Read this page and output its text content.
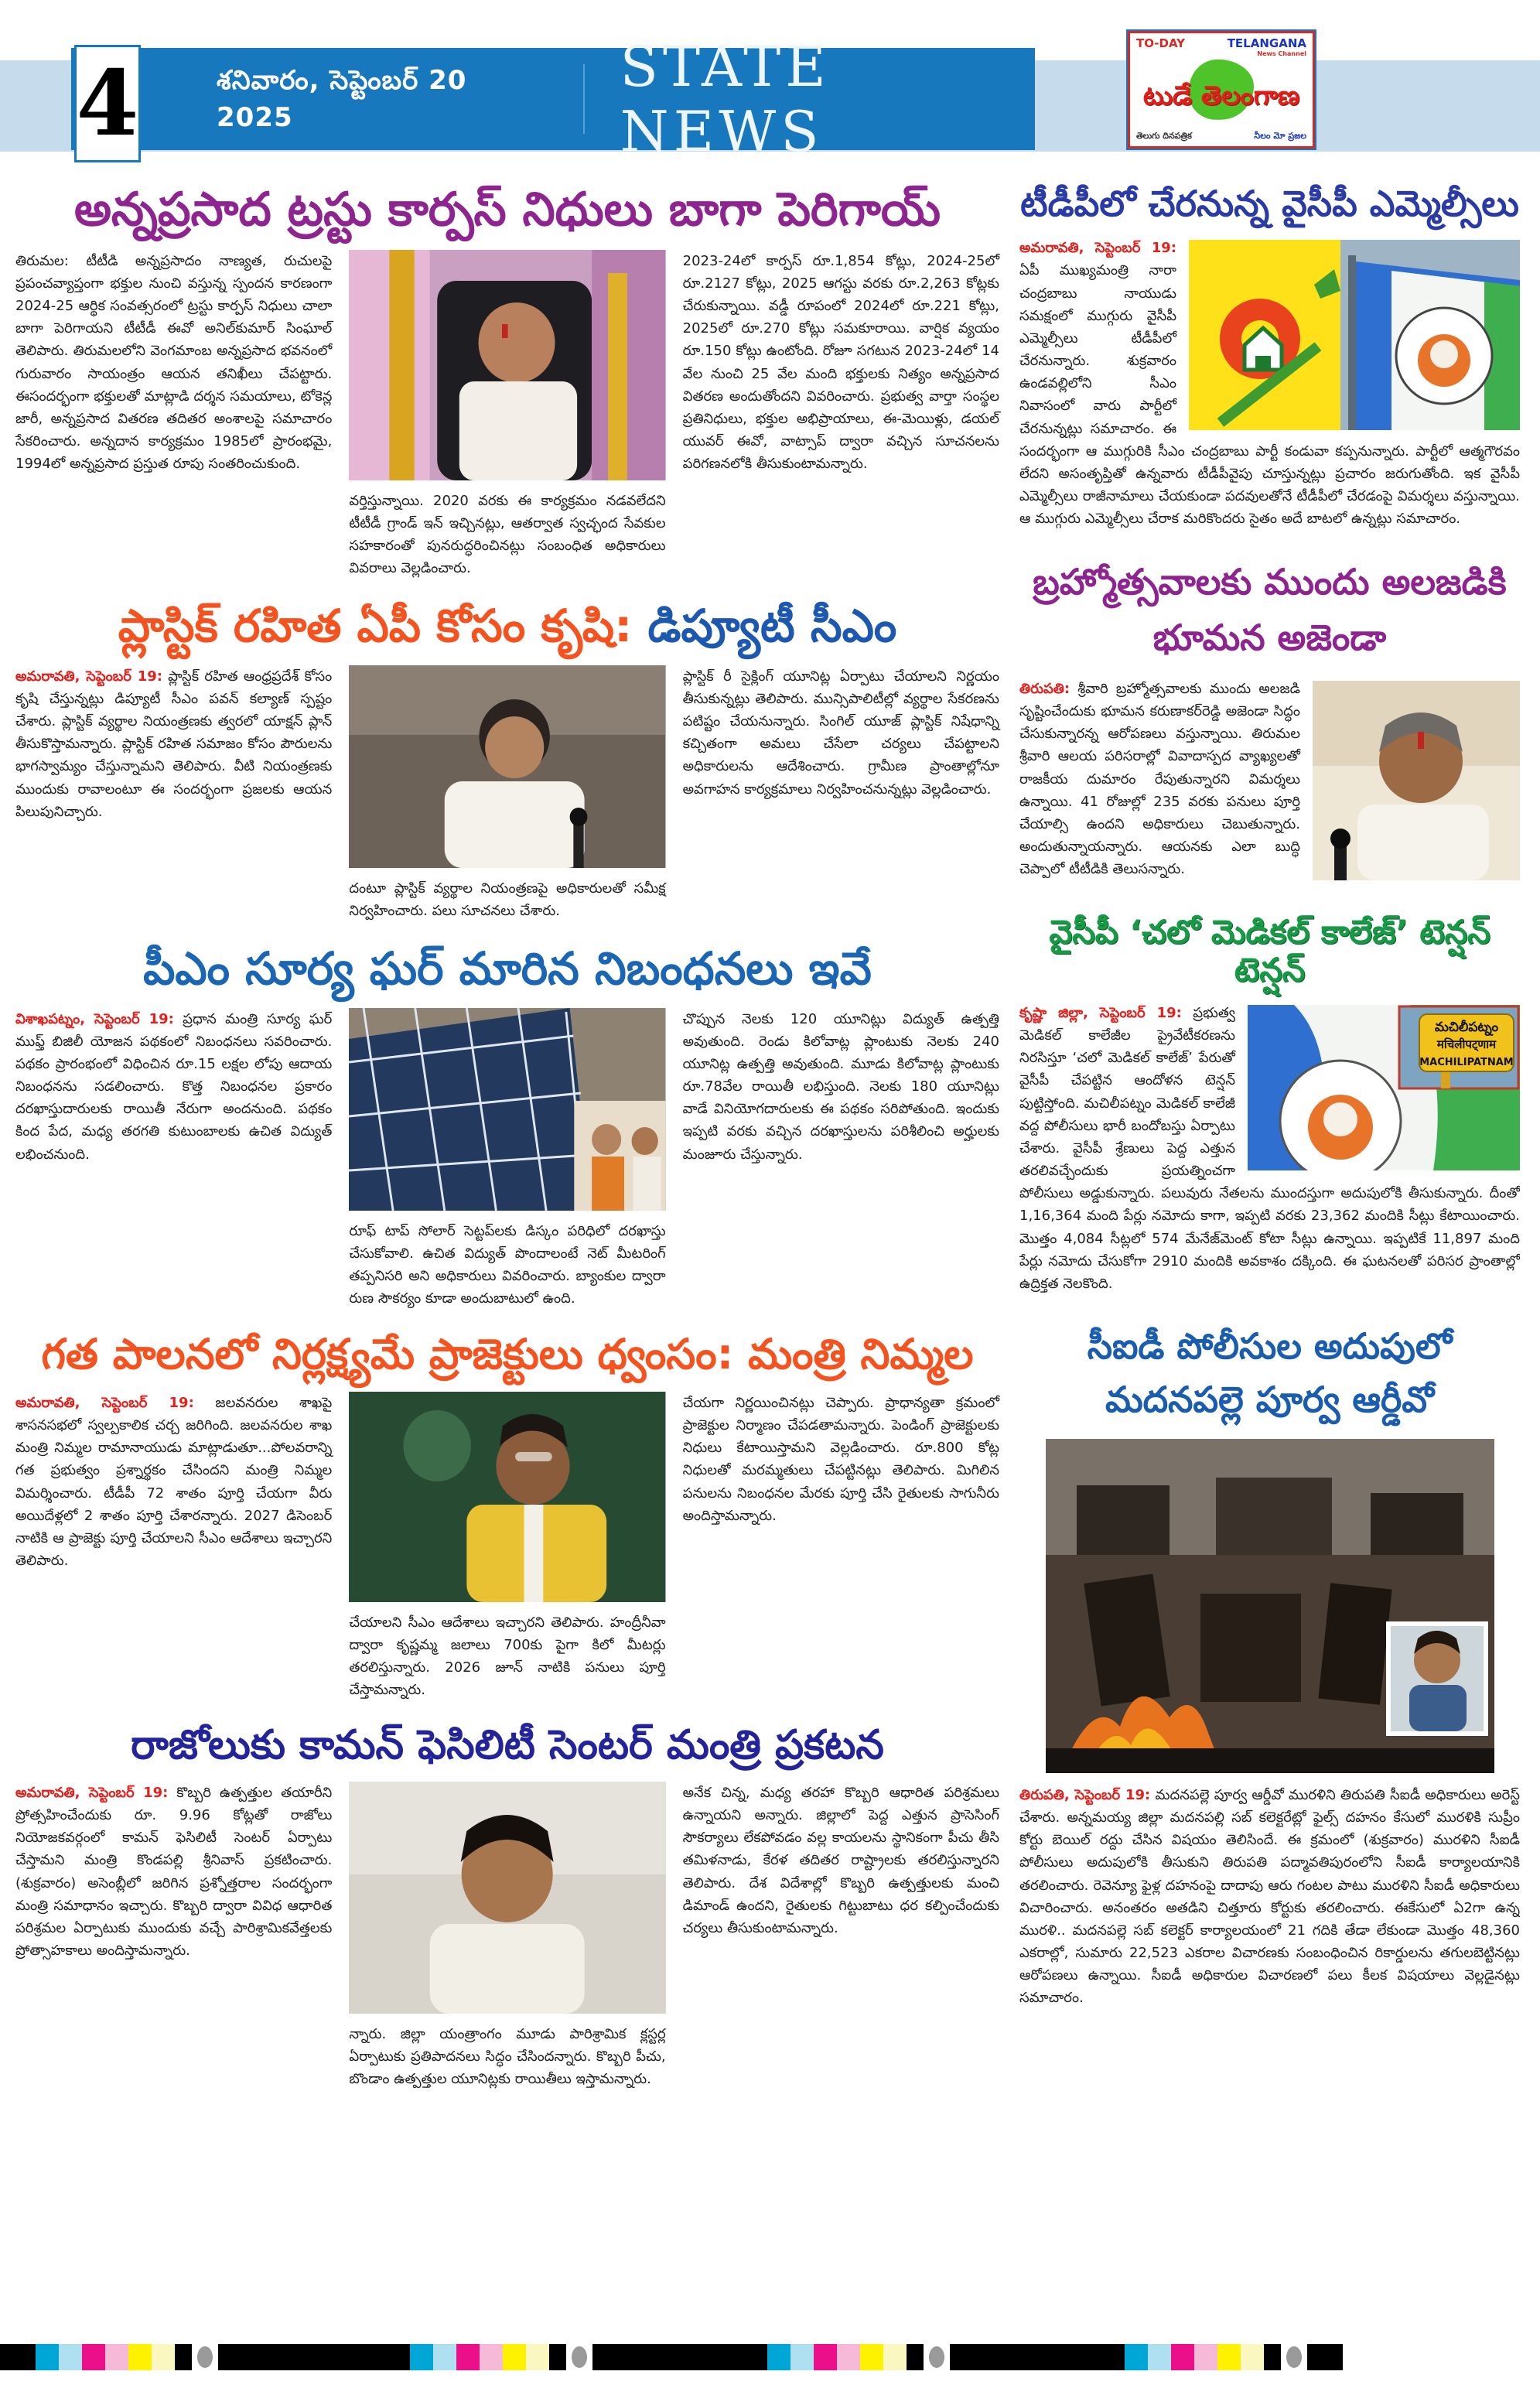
శనివారం, సెప్టెంబర్ 20 2025
STATE NEWS
4
TO-DAY	TELANGANA
News Channel
టుడే తెలంగాణ
తెలుగు దినపత్రిక	నీలం మో ప్రజల
అన్నప్రసాద ట్రస్టు కార్పస్ నిధులు బాగా పెరిగాయ్
తిరుమల: టీటీడి అన్నప్రసాదం నాణ్యత, రుచులపై ప్రపంచవ్యాప్తంగా భక్తుల నుంచి వస్తున్న స్పందన కారణంగా 2024-25 ఆర్థిక సంవత్సరంలో ట్రస్టు కార్పస్ నిధులు చాలా బాగా పెరిగాయని టీటీడీ ఈవో అనిల్‌కుమార్ సింఘాల్ తెలిపారు. తిరుమలలోని వెంగమాంబ అన్నప్రసాద భవనంలో గురువారం సాయంత్రం ఆయన తనిఖీలు చేపట్టారు. ఈసందర్భంగా భక్తులతో మాట్లాడి దర్శన సమయాలు, టోకెన్ల జారీ, అన్నప్రసాద వితరణ తదితర అంశాలపై సమాచారం సేకరించారు. అన్నదాన కార్యక్రమం 1985లో ప్రారంభమై, 1994లో అన్నప్రసాద ప్రస్తుత రూపు సంతరించుకుంది.
వర్తిస్తున్నాయి. 2020 వరకు ఈ కార్యక్రమం నడవలేదని టీటీడీ గ్రాండ్ ఇన్ ఇచ్చినట్లు, ఆతర్వాత స్వచ్ఛంద సేవకుల సహకారంతో పునరుద్ధరించినట్లు సంబంధిత అధికారులు వివరాలు వెల్లడించారు.
2023-24లో కార్పస్ రూ.1,854 కోట్లు, 2024-25లో రూ.2127 కోట్లు, 2025 ఆగస్టు వరకు రూ.2,263 కోట్లకు చేరుకున్నాయి. వడ్డీ రూపంలో 2024లో రూ.221 కోట్లు, 2025లో రూ.270 కోట్లు సమకూరాయి. వార్షిక వ్యయం రూ.150 కోట్లు ఉంటోంది. రోజూ సగటున 2023-24లో 14 వేల నుంచి 25 వేల మంది భక్తులకు నిత్యం అన్నప్రసాద వితరణ అందుతోందని వివరించారు. ప్రభుత్వ వార్తా సంస్థల ప్రతినిధులు, భక్తుల అభిప్రాయాలు, ఈ-మెయిళ్లు, డయల్ యువర్ ఈవో, వాట్సాప్ ద్వారా వచ్చిన సూచనలను పరిగణనలోకి తీసుకుంటామన్నారు.
ప్లాస్టిక్ రహిత ఏపీ కోసం కృషి: డిప్యూటీ సీఎం
అమరావతి, సెప్టెంబర్ 19: ప్లాస్టిక్ రహిత ఆంధ్రప్రదేశ్ కోసం కృషి చేస్తున్నట్లు డిప్యూటీ సీఎం పవన్ కల్యాణ్ స్పష్టం చేశారు. ప్లాస్టిక్ వ్యర్థాల నియంత్రణకు త్వరలో యాక్షన్ ప్లాన్ తీసుకొస్తామన్నారు. ప్లాస్టిక్ రహిత సమాజం కోసం పౌరులను భాగస్వామ్యం చేస్తున్నామని తెలిపారు. వీటి నియంత్రణకు ముందుకు రావాలంటూ ఈ సందర్భంగా ప్రజలకు ఆయన పిలుపునిచ్చారు.
దంటూ ప్లాస్టిక్ వ్యర్థాల నియంత్రణపై అధికారులతో సమీక్ష నిర్వహించారు. పలు సూచనలు చేశారు.
ప్లాస్టిక్ రీ సైక్లింగ్ యూనిట్ల ఏర్పాటు చేయాలని నిర్ణయం తీసుకున్నట్లు తెలిపారు. మున్సిపాలిటీల్లో వ్యర్థాల సేకరణను పటిష్టం చేయనున్నారు. సింగిల్ యూజ్ ప్లాస్టిక్ నిషేధాన్ని కచ్చితంగా అమలు చేసేలా చర్యలు చేపట్టాలని అధికారులను ఆదేశించారు. గ్రామీణ ప్రాంతాల్లోనూ అవగాహన కార్యక్రమాలు నిర్వహించనున్నట్లు వెల్లడించారు.
పీఎం సూర్య ఘర్ మారిన నిబంధనలు ఇవే
విశాఖపట్నం, సెప్టెంబర్ 19: ప్రధాన మంత్రి సూర్య ఘర్ ముఫ్త్ బిజిలీ యోజన పథకంలో నిబంధనలు సవరించారు. పథకం ప్రారంభంలో విధించిన రూ.15 లక్షల లోపు ఆదాయ నిబంధనను సడలించారు. కొత్త నిబంధనల ప్రకారం దరఖాస్తుదారులకు రాయితీ నేరుగా అందనుంది. పథకం కింద పేద, మధ్య తరగతి కుటుంబాలకు ఉచిత విద్యుత్ లభించనుంది.
రూఫ్ టాప్ సోలార్ సెట్టప్‌లకు డిస్కం పరిధిలో దరఖాస్తు చేసుకోవాలి. ఉచిత విద్యుత్ పొందాలంటే నెట్ మీటరింగ్ తప్పనిసరి అని అధికారులు వివరించారు. బ్యాంకుల ద్వారా రుణ సౌకర్యం కూడా అందుబాటులో ఉంది.
చొప్పున నెలకు 120 యూనిట్లు విద్యుత్ ఉత్పత్తి అవుతుంది. రెండు కిలోవాట్ల ప్లాంటుకు నెలకు 240 యూనిట్ల ఉత్పత్తి అవుతుంది. మూడు కిలోవాట్ల ప్లాంటుకు రూ.78వేల రాయితీ లభిస్తుంది. నెలకు 180 యూనిట్లు వాడే వినియోగదారులకు ఈ పథకం సరిపోతుంది. ఇందుకు ఇప్పటి వరకు వచ్చిన దరఖాస్తులను పరిశీలించి అర్హులకు మంజూరు చేస్తున్నారు.
గత పాలనలో నిర్లక్ష్యమే ప్రాజెక్టులు ధ్వంసం: మంత్రి నిమ్మల
అమరావతి, సెప్టెంబర్ 19: జలవనరుల శాఖపై శాసనసభలో స్వల్పకాలిక చర్చ జరిగింది. జలవనరుల శాఖ మంత్రి నిమ్మల రామానాయుడు మాట్లాడుతూ...పోలవరాన్ని గత ప్రభుత్వం ప్రశ్నార్థకం చేసిందని మంత్రి నిమ్మల విమర్శించారు. టీడీపీ 72 శాతం పూర్తి చేయగా వీరు అయిదేళ్లలో 2 శాతం పూర్తి చేశారన్నారు. 2027 డిసెంబర్ నాటికి ఆ ప్రాజెక్టు పూర్తి చేయాలని సీఎం ఆదేశాలు ఇచ్చారని తెలిపారు.
చేయాలని సీఎం ఆదేశాలు ఇచ్చారని తెలిపారు. హంద్రీనీవా ద్వారా కృష్ణమ్మ జలాలు 700కు పైగా కిలో మీటర్లు తరలిస్తున్నారు. 2026 జూన్ నాటికి పనులు పూర్తి చేస్తామన్నారు.
చేయగా నిర్ణయించినట్లు చెప్పారు. ప్రాధాన్యతా క్రమంలో ప్రాజెక్టుల నిర్మాణం చేపడతామన్నారు. పెండింగ్ ప్రాజెక్టులకు నిధులు కేటాయిస్తామని వెల్లడించారు. రూ.800 కోట్ల నిధులతో మరమ్మతులు చేపట్టినట్లు తెలిపారు. మిగిలిన పనులను నిబంధనల మేరకు పూర్తి చేసి రైతులకు సాగునీరు అందిస్తామన్నారు.
రాజోలుకు కామన్ ఫెసిలిటీ సెంటర్ మంత్రి ప్రకటన
అమరావతి, సెప్టెంబర్ 19: కొబ్బరి ఉత్పత్తుల తయారీని ప్రోత్సహించేందుకు రూ. 9.96 కోట్లతో రాజోలు నియోజకవర్గంలో కామన్ ఫెసిలిటీ సెంటర్ ఏర్పాటు చేస్తామని మంత్రి కొండపల్లి శ్రీనివాస్ ప్రకటించారు. (శుక్రవారం) అసెంబ్లీలో జరిగిన ప్రశ్నోత్తరాల సందర్భంగా మంత్రి సమాధానం ఇచ్చారు. కొబ్బరి ద్వారా వివిధ ఆధారిత పరిశ్రమల ఏర్పాటుకు ముందుకు వచ్చే పారిశ్రామికవేత్తలకు ప్రోత్సాహకాలు అందిస్తామన్నారు.
న్నారు. జిల్లా యంత్రాంగం మూడు పారిశ్రామిక క్లస్టర్ల ఏర్పాటుకు ప్రతిపాదనలు సిద్ధం చేసిందన్నారు. కొబ్బరి పీచు, బొండాం ఉత్పత్తుల యూనిట్లకు రాయితీలు ఇస్తామన్నారు.
అనేక చిన్న, మధ్య తరహా కొబ్బరి ఆధారిత పరిశ్రమలు ఉన్నాయని అన్నారు. జిల్లాలో పెద్ద ఎత్తున ప్రాసెసింగ్ సౌకర్యాలు లేకపోవడం వల్ల కాయలను స్థానికంగా పీచు తీసి తమిళనాడు, కేరళ తదితర రాష్ట్రాలకు తరలిస్తున్నారని తెలిపారు. దేశ విదేశాల్లో కొబ్బరి ఉత్పత్తులకు మంచి డిమాండ్ ఉందని, రైతులకు గిట్టుబాటు ధర కల్పించేందుకు చర్యలు తీసుకుంటామన్నారు.
టీడీపీలో చేరనున్న వైసీపీ ఎమ్మెల్సీలు
అమరావతి, సెప్టెంబర్ 19: ఏపీ ముఖ్యమంత్రి నారా చంద్రబాబు నాయుడు సమక్షంలో ముగ్గురు వైసీపీ ఎమ్మెల్సీలు టీడీపీలో చేరనున్నారు. శుక్రవారం ఉండవల్లిలోని సీఎం నివాసంలో వారు పార్టీలో చేరనున్నట్లు సమాచారం. ఈ సందర్భంగా ఆ ముగ్గురికి సీఎం చంద్రబాబు పార్టీ కండువా కప్పనున్నారు. పార్టీలో ఆత్మగౌరవం లేదని అసంతృప్తితో ఉన్నవారు టీడీపీవైపు చూస్తున్నట్లు ప్రచారం జరుగుతోంది. ఇక వైసీపీ ఎమ్మెల్సీలు రాజీనామాలు చేయకుండా పదవులతోనే టీడీపీలో చేరడంపై విమర్శలు వస్తున్నాయి. ఆ ముగ్గురు ఎమ్మెల్సీలు చేరాక మరికొందరు సైతం అదే బాటలో ఉన్నట్లు సమాచారం.
బ్రహ్మోత్సవాలకు ముందు అలజడికి భూమన అజెండా
తిరుపతి: శ్రీవారి బ్రహ్మోత్సవాలకు ముందు అలజడి సృష్టించేందుకు భూమన కరుణాకర్‌రెడ్డి అజెండా సిద్ధం చేసుకున్నారన్న ఆరోపణలు వస్తున్నాయి. తిరుమల శ్రీవారి ఆలయ పరిసరాల్లో వివాదాస్పద వ్యాఖ్యలతో రాజకీయ దుమారం రేపుతున్నారని విమర్శలు ఉన్నాయి. 41 రోజుల్లో 235 వరకు పనులు పూర్తి చేయాల్సి ఉందని అధికారులు చెబుతున్నారు. అందుతున్నాయన్నారు. ఆయనకు ఎలా బుద్ధి చెప్పాలో టీటీడికి తెలుసన్నారు.
వైసీపీ ‘చలో మెడికల్ కాలేజ్’ టెన్షన్ టెన్షన్
మచిలీపట్నం
मचिलीपट्णाम
MACHILIPATNAM
కృష్ణా జిల్లా, సెప్టెంబర్ 19: ప్రభుత్వ మెడికల్ కాలేజీల ప్రైవేటీకరణను నిరసిస్తూ ‘చలో మెడికల్ కాలేజ్’ పేరుతో వైసీపీ చేపట్టిన ఆందోళన టెన్షన్ పుట్టిస్తోంది. మచిలీపట్నం మెడికల్ కాలేజీ వద్ద పోలీసులు భారీ బందోబస్తు ఏర్పాటు చేశారు. వైసీపీ శ్రేణులు పెద్ద ఎత్తున తరలివచ్చేందుకు ప్రయత్నించగా పోలీసులు అడ్డుకున్నారు. పలువురు నేతలను ముందస్తుగా అదుపులోకి తీసుకున్నారు. దీంతో 1,16,364 మంది పేర్లు నమోదు కాగా, ఇప్పటి వరకు 23,362 మందికి సీట్లు కేటాయించారు. మొత్తం 4,084 సీట్లలో 574 మేనేజ్‌మెంట్ కోటా సీట్లు ఉన్నాయి. ఇప్పటికే 11,897 మంది పేర్లు నమోదు చేసుకోగా 2910 మందికి అవకాశం దక్కింది. ఈ ఘటనలతో పరిసర ప్రాంతాల్లో ఉద్రిక్తత నెలకొంది.
సీఐడీ పోలీసుల అదుపులో మదనపల్లె పూర్వ ఆర్డీవో
తిరుపతి, సెప్టెంబర్ 19: మదనపల్లె పూర్వ ఆర్డీవో మురళిని తిరుపతి సీఐడీ అధికారులు అరెస్ట్ చేశారు. అన్నమయ్య జిల్లా మదనపల్లి సబ్ కలెక్టరేట్లో ఫైల్స్ దహనం కేసులో మురళికి సుప్రీం కోర్టు బెయిల్ రద్దు చేసిన విషయం తెలిసిందే. ఈ క్రమంలో (శుక్రవారం) మురళిని సీఐడీ పోలీసులు అదుపులోకి తీసుకుని తిరుపతి పద్మావతిపురంలోని సీఐడీ కార్యాలయానికి తరలించారు. రెవెన్యూ ఫైళ్ల దహనంపై దాదాపు ఆరు గంటల పాటు మురళిని సీఐడీ అధికారులు విచారించారు. అనంతరం అతడిని చిత్తూరు కోర్టుకు తరలించారు. ఈకేసులో ఏ2గా ఉన్న మురళి.. మదనపల్లె సబ్ కలెక్టర్ కార్యాలయంలో 21 గదికి తేడా లేకుండా మొత్తం 48,360 ఎకరాల్లో, సుమారు 22,523 ఎకరాల విచారణకు సంబంధించిన రికార్డులను తగులబెట్టినట్లు ఆరోపణలు ఉన్నాయి. సీఐడీ అధికారుల విచారణలో పలు కీలక విషయాలు వెల్లడైనట్లు సమాచారం.
